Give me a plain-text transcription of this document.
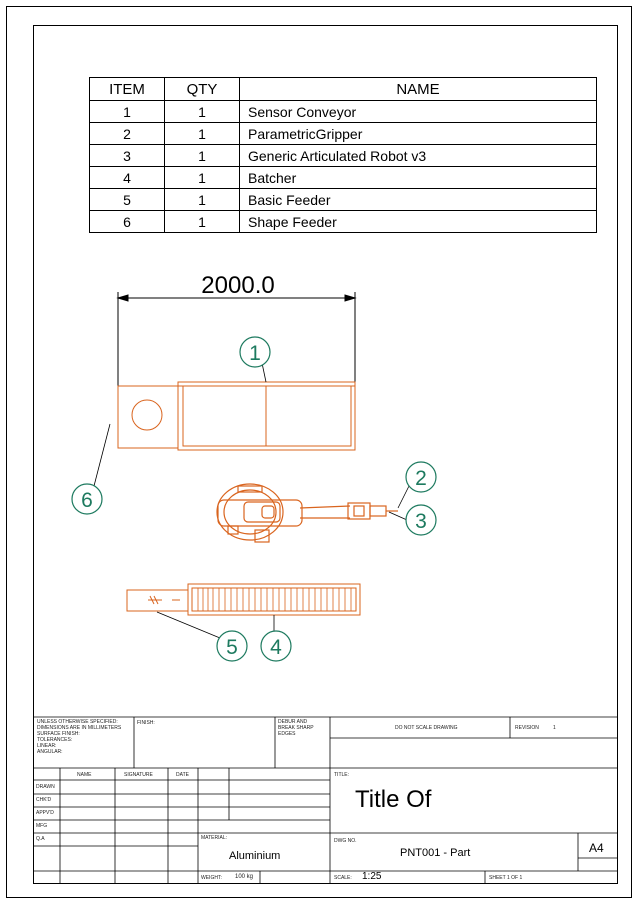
ITEM	QTY	NAME
1	1	Sensor Conveyor
2	1	ParametricGripper
3	1	Generic Articulated Robot v3
4	1	Batcher
5	1	Basic Feeder
6	1	Shape Feeder
2000.0
1
2
3
4
5
6
UNLESS OTHERWISE SPECIFIED:
DIMENSIONS ARE IN MILLIMETERS
SURFACE FINISH:
TOLERANCES:
LINEAR:
ANGULAR:
FINISH:	DEBUR AND
BREAK SHARP
EDGES
DO NOT SCALE DRAWING	REVISION	1
NAME	SIGNATURE	DATE
DRAWN
CHK'D
APPV'D
MFG
Q.A
TITLE:
Title Of
MATERIAL:
Aluminium
DWG NO.
PNT001 - Part	A4
WEIGHT: 100 kg	SCALE: 1:25	SHEET 1 OF 1
